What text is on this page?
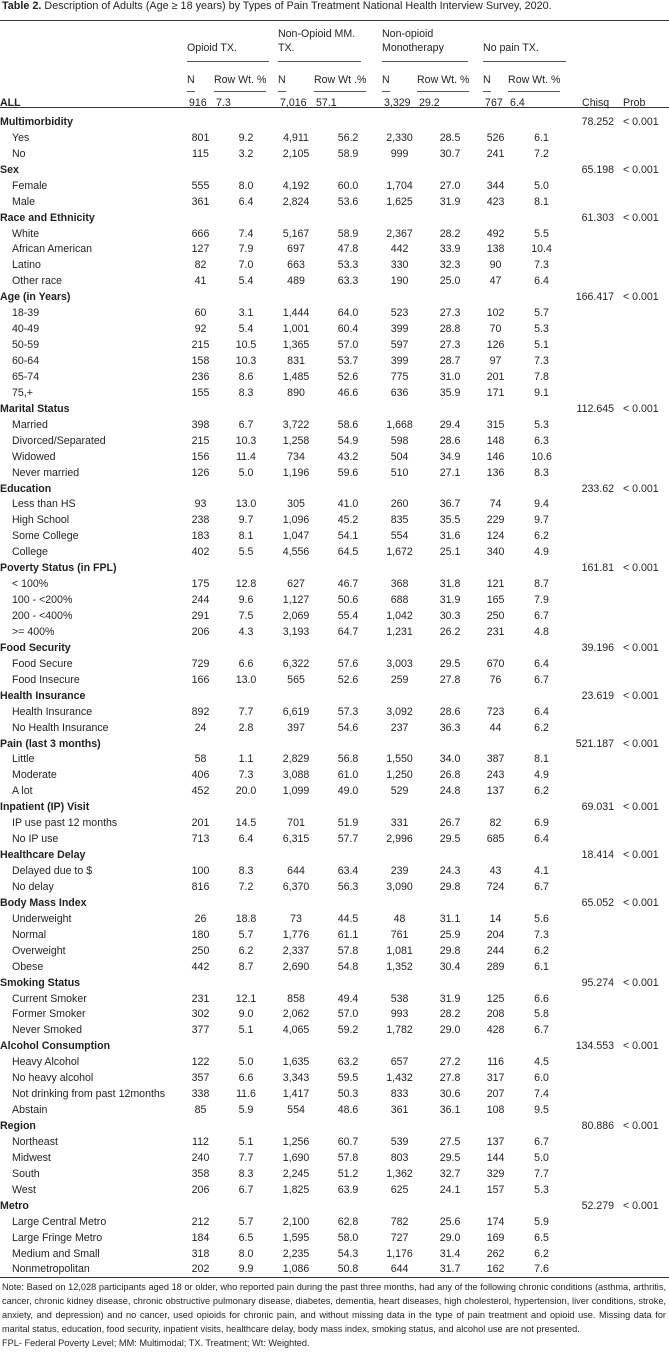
Table 2. Description of Adults (Age ≥ 18 years) by Types of Pain Treatment National Health Interview Survey, 2020.
	Opioid TX.		Non-Opioid MM. TX.		Non-opioid Monotherapy		No pain TX.			
	N	Row Wt. %	N	Row Wt .%	N	Row Wt. %	N	Row Wt. %		
ALL	916	7.3	7,016	57.1	3,329	29.2	767	6.4	Chisq	Prob
Multimorbidity									78.252	< 0.001
Yes	801	9.2	4,911	56.2	2,330	28.5	526	6.1		
No	115	3.2	2,105	58.9	999	30.7	241	7.2		
Sex									65.198	< 0.001
Female	555	8.0	4,192	60.0	1,704	27.0	344	5.0		
Male	361	6.4	2,824	53.6	1,625	31.9	423	8.1		
Race and Ethnicity									61.303	< 0.001
White	666	7.4	5,167	58.9	2,367	28.2	492	5.5		
African American	127	7.9	697	47.8	442	33.9	138	10.4		
Latino	82	7.0	663	53.3	330	32.3	90	7.3		
Other race	41	5.4	489	63.3	190	25.0	47	6.4		
Age (in Years)									166.417	< 0.001
18-39	60	3.1	1,444	64.0	523	27.3	102	5.7		
40-49	92	5.4	1,001	60.4	399	28.8	70	5.3		
50-59	215	10.5	1,365	57.0	597	27.3	126	5.1		
60-64	158	10.3	831	53.7	399	28.7	97	7.3		
65-74	236	8.6	1,485	52.6	775	31.0	201	7.8		
75,+	155	8.3	890	46.6	636	35.9	171	9.1		
Marital Status									112.645	< 0.001
Married	398	6.7	3,722	58.6	1,668	29.4	315	5.3		
Divorced/Separated	215	10.3	1,258	54.9	598	28.6	148	6.3		
Widowed	156	11.4	734	43.2	504	34.9	146	10.6		
Never married	126	5.0	1,196	59.6	510	27.1	136	8.3		
Education									233.62	< 0.001
Less than HS	93	13.0	305	41.0	260	36.7	74	9.4		
High School	238	9.7	1,096	45.2	835	35.5	229	9.7		
Some College	183	8.1	1,047	54.1	554	31.6	124	6.2		
College	402	5.5	4,556	64.5	1,672	25.1	340	4.9		
Poverty Status (in FPL)									161.81	< 0.001
< 100%	175	12.8	627	46.7	368	31.8	121	8.7		
100 - <200%	244	9.6	1,127	50.6	688	31.9	165	7.9		
200 - <400%	291	7.5	2,069	55.4	1,042	30.3	250	6.7		
>= 400%	206	4.3	3,193	64.7	1,231	26.2	231	4.8		
Food Security									39.196	< 0.001
Food Secure	729	6.6	6,322	57.6	3,003	29.5	670	6.4		
Food Insecure	166	13.0	565	52.6	259	27.8	76	6.7		
Health Insurance									23.619	< 0.001
Health Insurance	892	7.7	6,619	57.3	3,092	28.6	723	6.4		
No Health Insurance	24	2.8	397	54.6	237	36.3	44	6.2		
Pain (last 3 months)									521.187	< 0.001
Little	58	1.1	2,829	56.8	1,550	34.0	387	8.1		
Moderate	406	7.3	3,088	61.0	1,250	26.8	243	4.9		
A lot	452	20.0	1,099	49.0	529	24.8	137	6.2		
Inpatient (IP) Visit									69.031	< 0.001
IP use past 12 months	201	14.5	701	51.9	331	26.7	82	6.9		
No IP use	713	6.4	6,315	57.7	2,996	29.5	685	6.4		
Healthcare Delay									18.414	< 0.001
Delayed due to $	100	8.3	644	63.4	239	24.3	43	4.1		
No delay	816	7.2	6,370	56.3	3,090	29.8	724	6.7		
Body Mass Index									65.052	< 0.001
Underweight	26	18.8	73	44.5	48	31.1	14	5.6		
Normal	180	5.7	1,776	61.1	761	25.9	204	7.3		
Overweight	250	6.2	2,337	57.8	1,081	29.8	244	6.2		
Obese	442	8.7	2,690	54.8	1,352	30.4	289	6.1		
Smoking Status									95.274	< 0.001
Current Smoker	231	12.1	858	49.4	538	31.9	125	6.6		
Former Smoker	302	9.0	2,062	57.0	993	28.2	208	5.8		
Never Smoked	377	5.1	4,065	59.2	1,782	29.0	428	6.7		
Alcohol Consumption									134.553	< 0.001
Heavy Alcohol	122	5.0	1,635	63.2	657	27.2	116	4.5		
No heavy alcohol	357	6.6	3,343	59.5	1,432	27.8	317	6.0		
Not drinking from past 12months	338	11.6	1,417	50.3	833	30.6	207	7.4		
Abstain	85	5.9	554	48.6	361	36.1	108	9.5		
Region									80.886	< 0.001
Northeast	112	5.1	1,256	60.7	539	27.5	137	6.7		
Midwest	240	7.7	1,690	57.8	803	29.5	144	5.0		
South	358	8.3	2,245	51.2	1,362	32.7	329	7.7		
West	206	6.7	1,825	63.9	625	24.1	157	5.3		
Metro									52.279	< 0.001
Large Central Metro	212	5.7	2,100	62.8	782	25.6	174	5.9		
Large Fringe Metro	184	6.5	1,595	58.0	727	29.0	169	6.5		
Medium and Small	318	8.0	2,235	54.3	1,176	31.4	262	6.2		
Nonmetropolitan	202	9.9	1,086	50.8	644	31.7	162	7.6		
Note: Based on 12,028 participants aged 18 or older, who reported pain during the past three months, had any of the following chronic conditions (asthma, arthritis, cancer, chronic kidney disease, chronic obstructive pulmonary disease, diabetes, dementia, heart diseases, high cholesterol, hypertension, liver conditions, stroke, anxiety, and depression) and no cancer, used opioids for chronic pain, and without missing data in the type of pain treatment and opioid use. Missing data for marital status, education, food security, inpatient visits, healthcare delay, body mass index, smoking status, and alcohol use are not presented.
FPL- Federal Poverty Level; MM: Multimodal; TX. Treatment; Wt: Weighted.
